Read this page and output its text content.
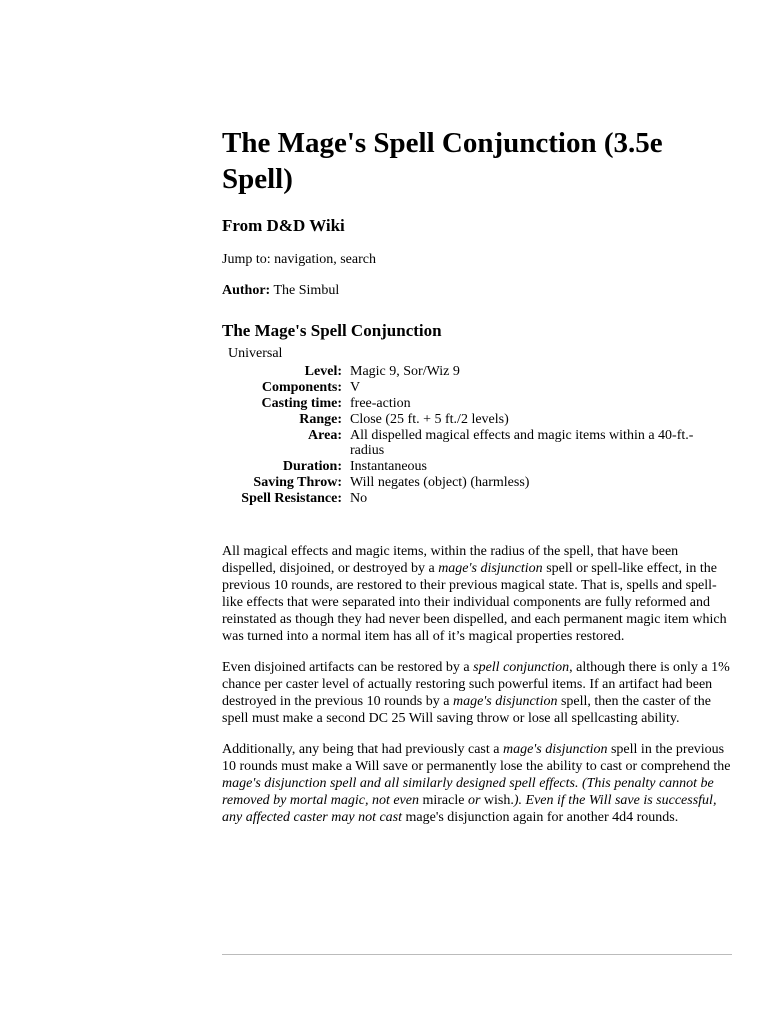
The Mage's Spell Conjunction (3.5e Spell)
From D&D Wiki
Jump to: navigation, search
Author: The Simbul
The Mage's Spell Conjunction
Universal
Level:	Magic 9, Sor/Wiz 9
Components:	V
Casting time:	free-action
Range:	Close (25 ft. + 5 ft./2 levels)
Area:	All dispelled magical effects and magic items within a 40-ft.-radius
Duration:	Instantaneous
Saving Throw:	Will negates (object) (harmless)
Spell Resistance:	No

All magical effects and magic items, within the radius of the spell, that have been dispelled, disjoined, or destroyed by a mage's disjunction spell or spell-like effect, in the previous 10 rounds, are restored to their previous magical state. That is, spells and spell-like effects that were separated into their individual components are fully reformed and reinstated as though they had never been dispelled, and each permanent magic item which was turned into a normal item has all of it’s magical properties restored.

Even disjoined artifacts can be restored by a spell conjunction, although there is only a 1% chance per caster level of actually restoring such powerful items. If an artifact had been destroyed in the previous 10 rounds by a mage's disjunction spell, then the caster of the spell must make a second DC 25 Will saving throw or lose all spellcasting ability.

Additionally, any being that had previously cast a mage's disjunction spell in the previous 10 rounds must make a Will save or permanently lose the ability to cast or comprehend the mage's disjunction spell and all similarly designed spell effects. (This penalty cannot be removed by mortal magic, not even miracle or wish.). Even if the Will save is successful, any affected caster may not cast mage's disjunction again for another 4d4 rounds.
